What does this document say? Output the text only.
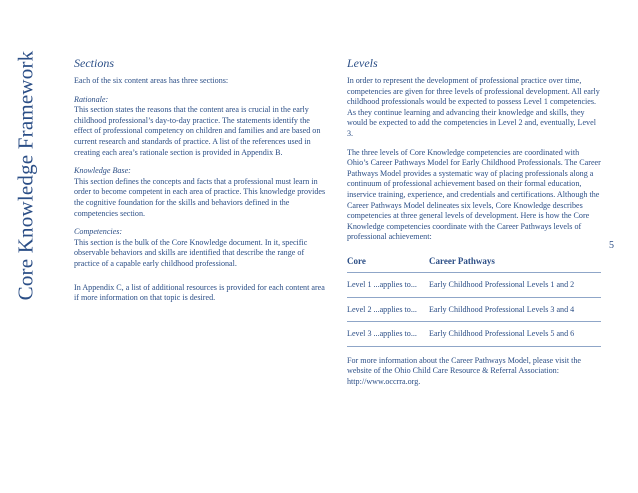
Core Knowledge Framework	Sections

Each of the six content areas has three sections:

Rationale:
This section states the reasons that the content area is crucial in the early childhood professional’s day-to-day practice. The statements identify the effect of professional competency on children and families and are based on current research and standards of practice. A list of the references used in creating each area’s rationale section is provided in Appendix B.

Knowledge Base:
This section defines the concepts and facts that a professional must learn in order to become competent in each area of practice. This knowledge provides the cognitive foundation for the skills and behaviors defined in the competencies section.

Competencies:
This section is the bulk of the Core Knowledge document. In it, specific observable behaviors and skills are identified that describe the range of practice of a capable early childhood professional.

In Appendix C, a list of additional resources is provided for each content area if more information on that topic is desired.

Levels

In order to represent the development of professional practice over time, competencies are given for three levels of professional development. All early childhood professionals would be expected to possess Level 1 competencies. As they continue learning and advancing their knowledge and skills, they would be expected to add the competencies in Level 2 and, eventually, Level 3.

The three levels of Core Knowledge competencies are coordinated with Ohio’s Career Pathways Model for Early Childhood Professionals. The Career Pathways Model provides a systematic way of placing professionals along a continuum of professional achievement based on their formal education, inservice training, experience, and credentials and certifications. Although the Career Pathways Model delineates six levels, Core Knowledge describes competencies at three general levels of development. Here is how the Core Knowledge competencies coordinate with the Career Pathways levels of professional achievement:

Core	Career Pathways
Level 1 ...applies to...	Early Childhood Professional Levels 1 and 2
Level 2 ...applies to...	Early Childhood Professional Levels 3 and 4
Level 3 ...applies to...	Early Childhood Professional Levels 5 and 6

For more information about the Career Pathways Model, please visit the website of the Ohio Child Care Resource & Referral Association: http://www.occrra.org.

5
